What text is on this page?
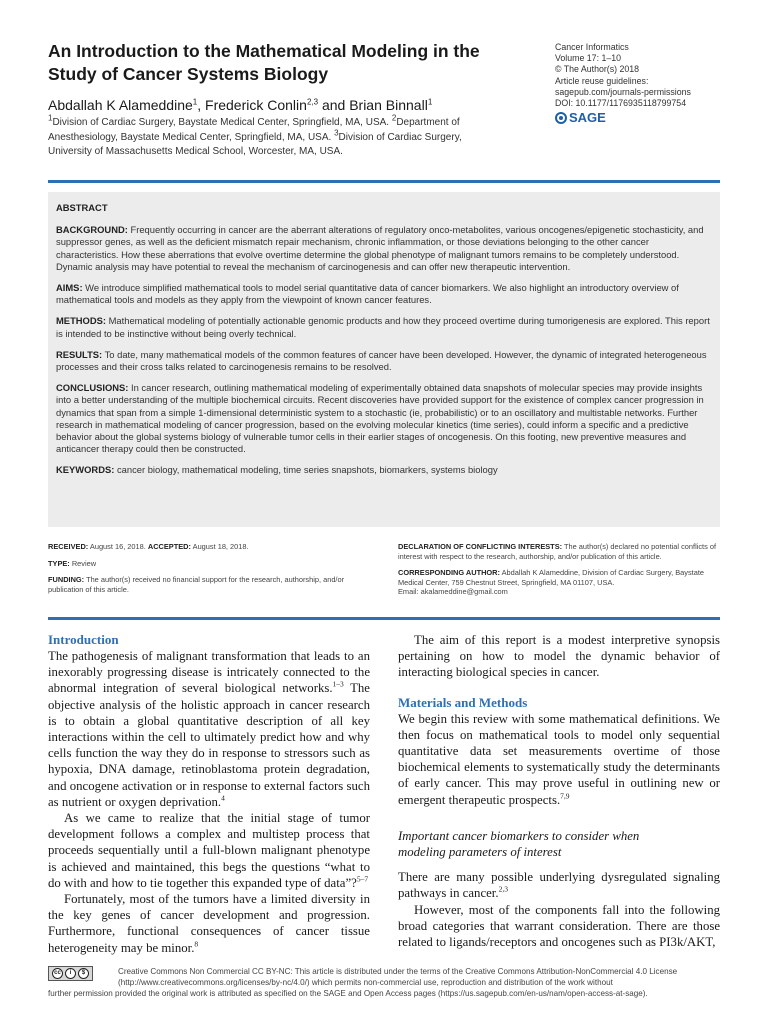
An Introduction to the Mathematical Modeling in the Study of Cancer Systems Biology
Abdallah K Alameddine$^1$, Frederick Conlin$^{2,3}$ and Brian Binnall$^1$
$^1$Division of Cardiac Surgery, Baystate Medical Center, Springfield, MA, USA. $^2$Department of Anesthesiology, Baystate Medical Center, Springfield, MA, USA. $^3$Division of Cardiac Surgery, University of Massachusetts Medical School, Worcester, MA, USA.
Cancer Informatics
Volume 17: 1–10
© The Author(s) 2018
Article reuse guidelines:
sagepub.com/journals-permissions
DOI: 10.1177/1176935118799754
SAGE
ABSTRACT

BACKGROUND: Frequently occurring in cancer are the aberrant alterations of regulatory onco-metabolites, various oncogenes/epigenetic stochasticity, and suppressor genes, as well as the deficient mismatch repair mechanism, chronic inflammation, or those deviations belonging to the other cancer characteristics. How these aberrations that evolve overtime determine the global phenotype of malignant tumors remains to be completely understood. Dynamic analysis may have potential to reveal the mechanism of carcinogenesis and can offer new therapeutic intervention.

AIMS: We introduce simplified mathematical tools to model serial quantitative data of cancer biomarkers. We also highlight an introductory overview of mathematical tools and models as they apply from the viewpoint of known cancer features.

METHODS: Mathematical modeling of potentially actionable genomic products and how they proceed overtime during tumorigenesis are explored. This report is intended to be instinctive without being overly technical.

RESULTS: To date, many mathematical models of the common features of cancer have been developed. However, the dynamic of integrated heterogeneous processes and their cross talks related to carcinogenesis remains to be resolved.

CONCLUSIONS: In cancer research, outlining mathematical modeling of experimentally obtained data snapshots of molecular species may provide insights into a better understanding of the multiple biochemical circuits. Recent discoveries have provided support for the existence of complex cancer progression in dynamics that span from a simple 1-dimensional deterministic system to a stochastic (ie, probabilistic) or to an oscillatory and multistable networks. Further research in mathematical modeling of cancer progression, based on the evolving molecular kinetics (time series), could inform a specific and a predictive behavior about the global systems biology of vulnerable tumor cells in their earlier stages of oncogenesis. On this footing, new preventive measures and anticancer therapy could then be constructed.

KEYWORDS: cancer biology, mathematical modeling, time series snapshots, biomarkers, systems biology

RECEIVED: August 16, 2018. ACCEPTED: August 18, 2018.

TYPE: Review

FUNDING: The author(s) received no financial support for the research, authorship, and/or publication of this article.

DECLARATION OF CONFLICTING INTERESTS: The author(s) declared no potential conflicts of interest with respect to the research, authorship, and/or publication of this article.

CORRESPONDING AUTHOR: Abdallah K Alameddine, Division of Cardiac Surgery, Baystate Medical Center, 759 Chestnut Street, Springfield, MA 01107, USA.
Email: akalameddine@gmail.com

Introduction
The pathogenesis of malignant transformation that leads to an inexorably progressing disease is intricately connected to the abnormal integration of several biological networks.$^{1-3}$ The objective analysis of the holistic approach in cancer research is to obtain a global quantitative description of all key interactions within the cell to ultimately predict how and why cells function the way they do in response to stressors such as hypoxia, DNA damage, retinoblastoma protein degradation, and oncogene activation or in response to external factors such as nutrient or oxygen deprivation.$^4$
As we came to realize that the initial stage of tumor development follows a complex and multistep process that proceeds sequentially until a full-blown malignant phenotype is achieved and maintained, this begs the questions “what to do with and how to tie together this expanded type of data”?$^{5-7}$
Fortunately, most of the tumors have a limited diversity in the key genes of cancer development and progression. Furthermore, functional consequences of cancer tissue heterogeneity may be minor.$^8$
The aim of this report is a modest interpretive synopsis pertaining on how to model the dynamic behavior of interacting biological species in cancer.
Materials and Methods
We begin this review with some mathematical definitions. We then focus on mathematical tools to model only sequential quantitative data set measurements overtime of those biochemical elements to systematically study the determinants of early cancer. This may prove useful in outlining new or emergent therapeutic prospects.$^{7,9}$
Important cancer biomarkers to consider when
modeling parameters of interest
There are many possible underlying dysregulated signaling pathways in cancer.$^{2,3}$
However, most of the components fall into the following broad categories that warrant consideration. There are those related to ligands/receptors and oncogenes such as PI3k/AKT,
cc	i	$	Creative Commons Non Commercial CC BY-NC: This article is distributed under the terms of the Creative Commons Attribution-NonCommercial 4.0 License (http://www.creativecommons.org/licenses/by-nc/4.0/) which permits non-commercial use, reproduction and distribution of the work without
further permission provided the original work is attributed as specified on the SAGE and Open Access pages (https://us.sagepub.com/en-us/nam/open-access-at-sage).
